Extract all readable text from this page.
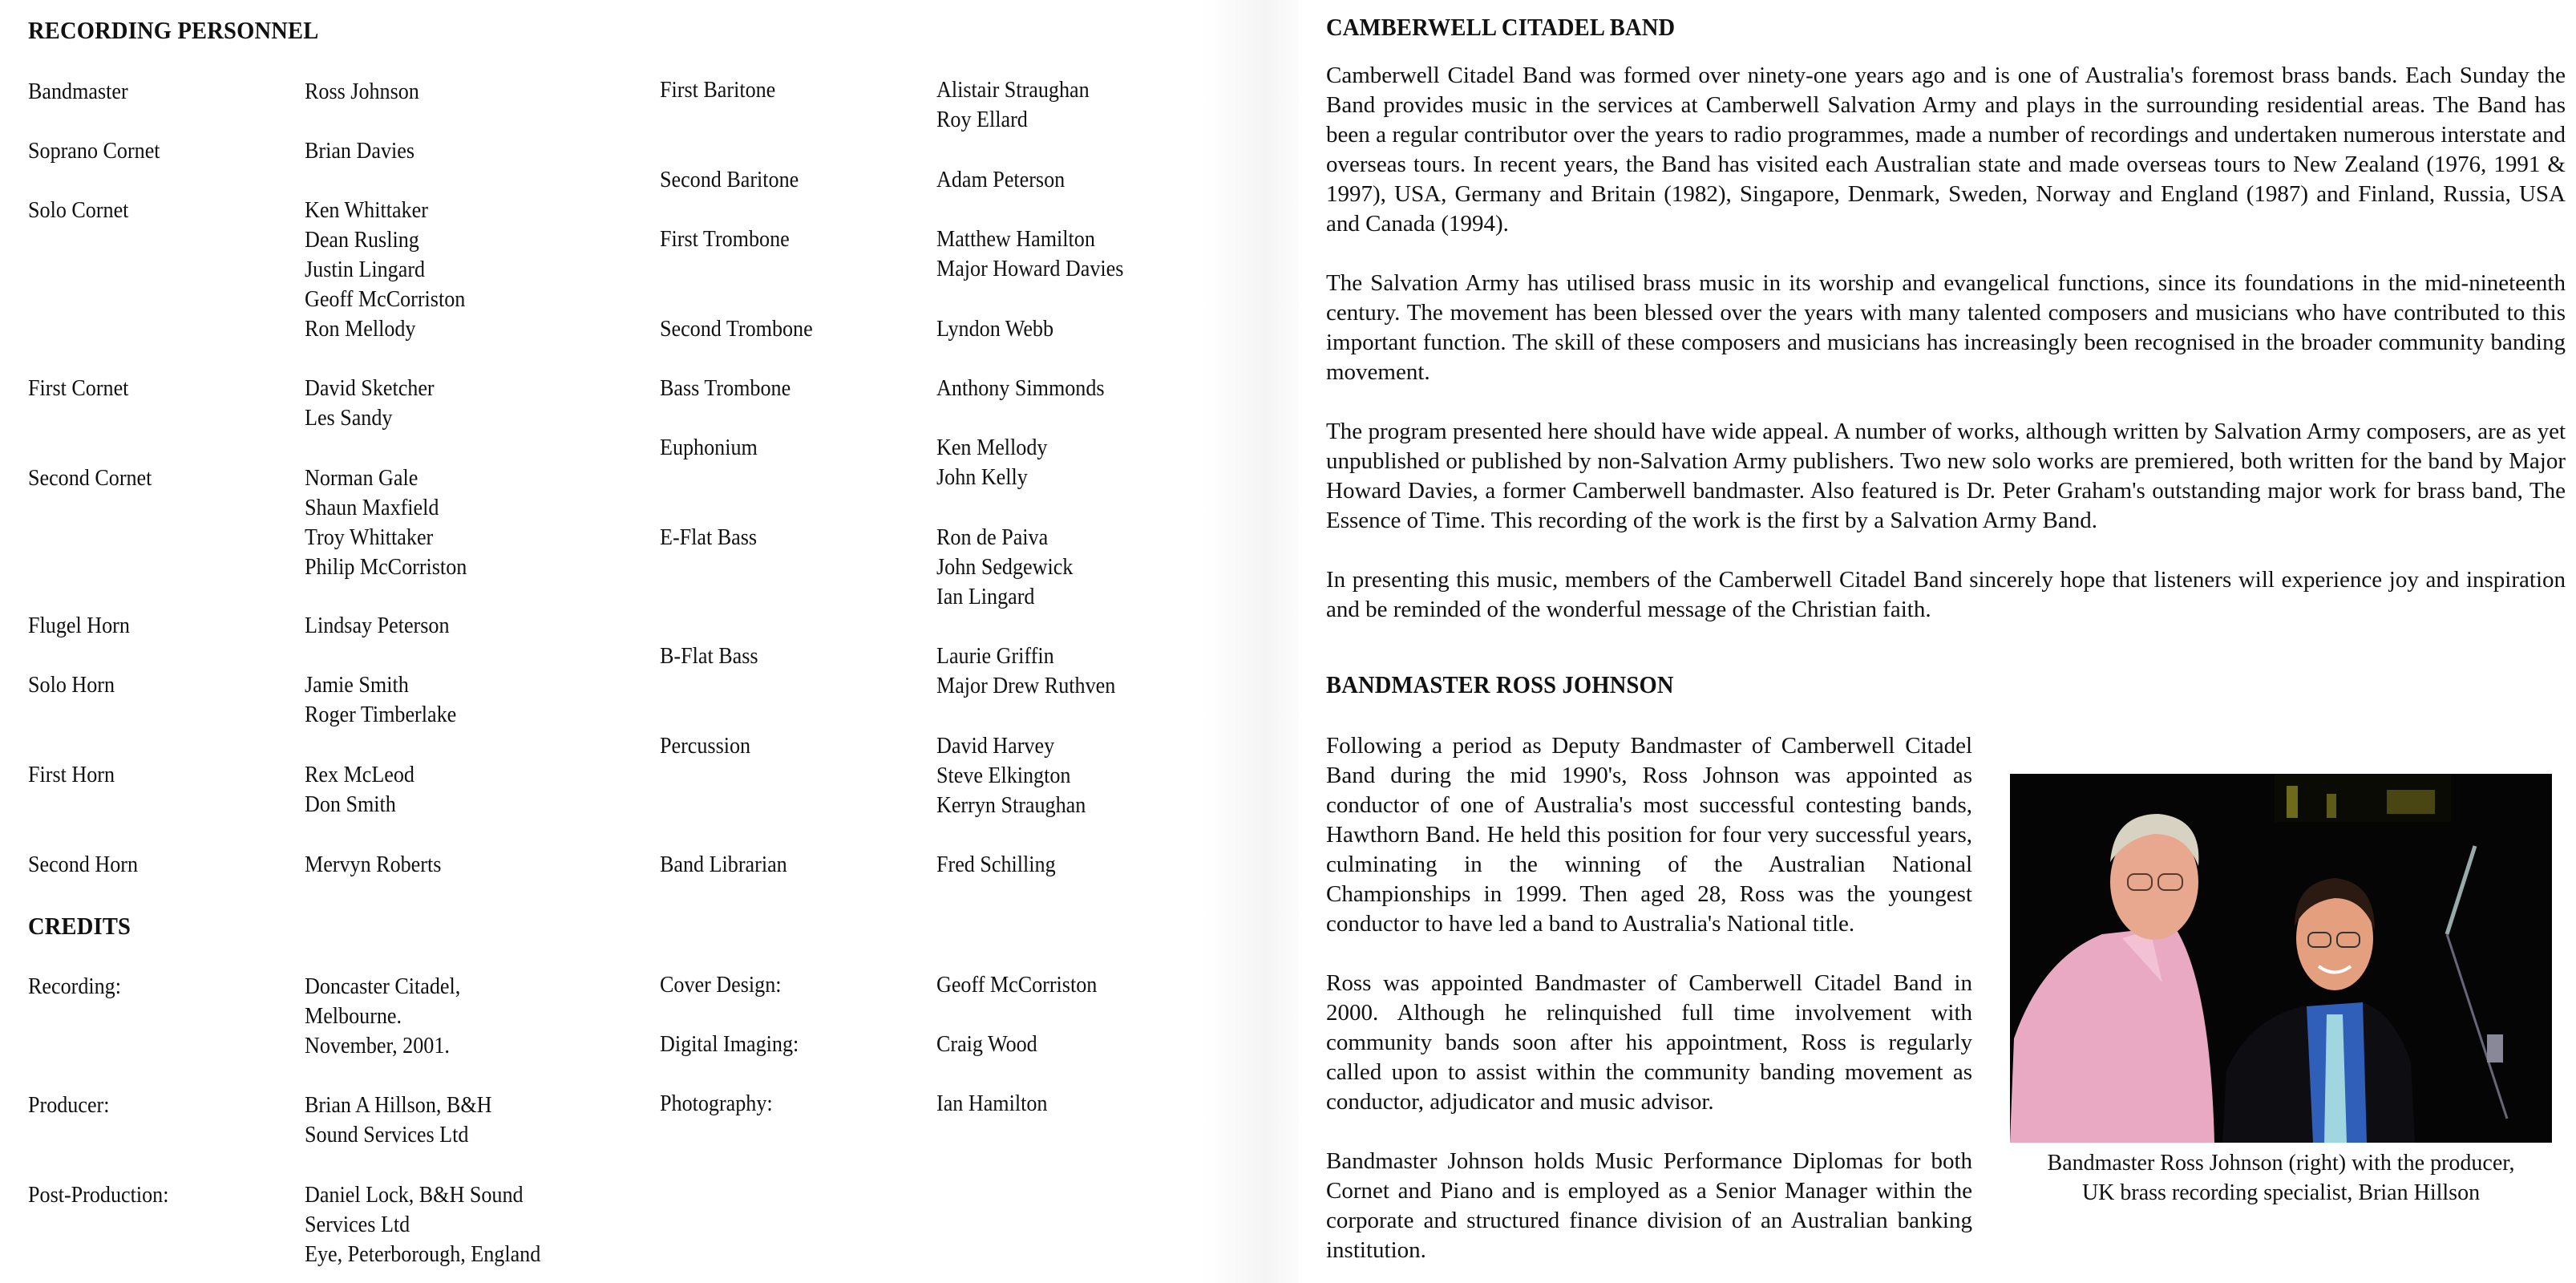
RECORDING PERSONNEL
Bandmaster	Ross Johnson
Soprano Cornet	Brian Davies
Solo Cornet	Ken Whittaker
Dean Rusling
Justin Lingard
Geoff McCorriston
Ron Mellody
First Cornet	David Sketcher
Les Sandy
Second Cornet	Norman Gale
Shaun Maxfield
Troy Whittaker
Philip McCorriston
Flugel Horn	Lindsay Peterson
Solo Horn	Jamie Smith
Roger Timberlake
First Horn	Rex McLeod
Don Smith
Second Horn	Mervyn Roberts
First Baritone	Alistair Straughan
Roy Ellard
Second Baritone	Adam Peterson
First Trombone	Matthew Hamilton
Major Howard Davies
Second Trombone	Lyndon Webb
Bass Trombone	Anthony Simmonds
Euphonium	Ken Mellody
John Kelly
E-Flat Bass	Ron de Paiva
John Sedgewick
Ian Lingard
B-Flat Bass	Laurie Griffin
Major Drew Ruthven
Percussion	David Harvey
Steve Elkington
Kerryn Straughan
Band Librarian	Fred Schilling
CREDITS
Recording:	Doncaster Citadel,
Melbourne.
November, 2001.
Producer:	Brian A Hillson, B&H
Sound Services Ltd
Post-Production:	Daniel Lock, B&H Sound
Services Ltd
Eye, Peterborough, England
Cover Design:	Geoff McCorriston
Digital Imaging:	Craig Wood
Photography:	Ian Hamilton
CAMBERWELL CITADEL BAND

Camberwell Citadel Band was formed over ninety-one years ago and is one of Australia's foremost brass bands. Each Sunday the Band provides music in the services at Camberwell Salvation Army and plays in the surrounding residential areas. The Band has been a regular contributor over the years to radio programmes, made a number of recordings and undertaken numerous interstate and overseas tours. In recent years, the Band has visited each Australian state and made overseas tours to New Zealand (1976, 1991 & 1997), USA, Germany and Britain (1982), Singapore, Denmark, Sweden, Norway and England (1987) and Finland, Russia, USA and Canada (1994).

The Salvation Army has utilised brass music in its worship and evangelical functions, since its foundations in the mid-nineteenth century. The movement has been blessed over the years with many talented composers and musicians who have contributed to this important function. The skill of these composers and musicians has increasingly been recognised in the broader community banding movement.

The program presented here should have wide appeal. A number of works, although written by Salvation Army composers, are as yet unpublished or published by non-Salvation Army publishers. Two new solo works are premiered, both written for the band by Major Howard Davies, a former Camberwell bandmaster. Also featured is Dr. Peter Graham's outstanding major work for brass band, The Essence of Time. This recording of the work is the first by a Salvation Army Band.

In presenting this music, members of the Camberwell Citadel Band sincerely hope that listeners will experience joy and inspiration and be reminded of the wonderful message of the Christian faith.

BANDMASTER ROSS JOHNSON

Following a period as Deputy Bandmaster of Camberwell Citadel Band during the mid 1990's, Ross Johnson was appointed as conductor of one of Australia's most successful contesting bands, Hawthorn Band. He held this position for four very successful years, culminating in the winning of the Australian National Championships in 1999. Then aged 28, Ross was the youngest conductor to have led a band to Australia's National title.

Ross was appointed Bandmaster of Camberwell Citadel Band in 2000. Although he relinquished full time involvement with community bands soon after his appointment, Ross is regularly called upon to assist within the community banding movement as conductor, adjudicator and music advisor.

Bandmaster Johnson holds Music Performance Diplomas for both Cornet and Piano and is employed as a Senior Manager within the corporate and structured finance division of an Australian banking institution.

Bandmaster Ross Johnson (right) with the producer,
UK brass recording specialist, Brian Hillson
